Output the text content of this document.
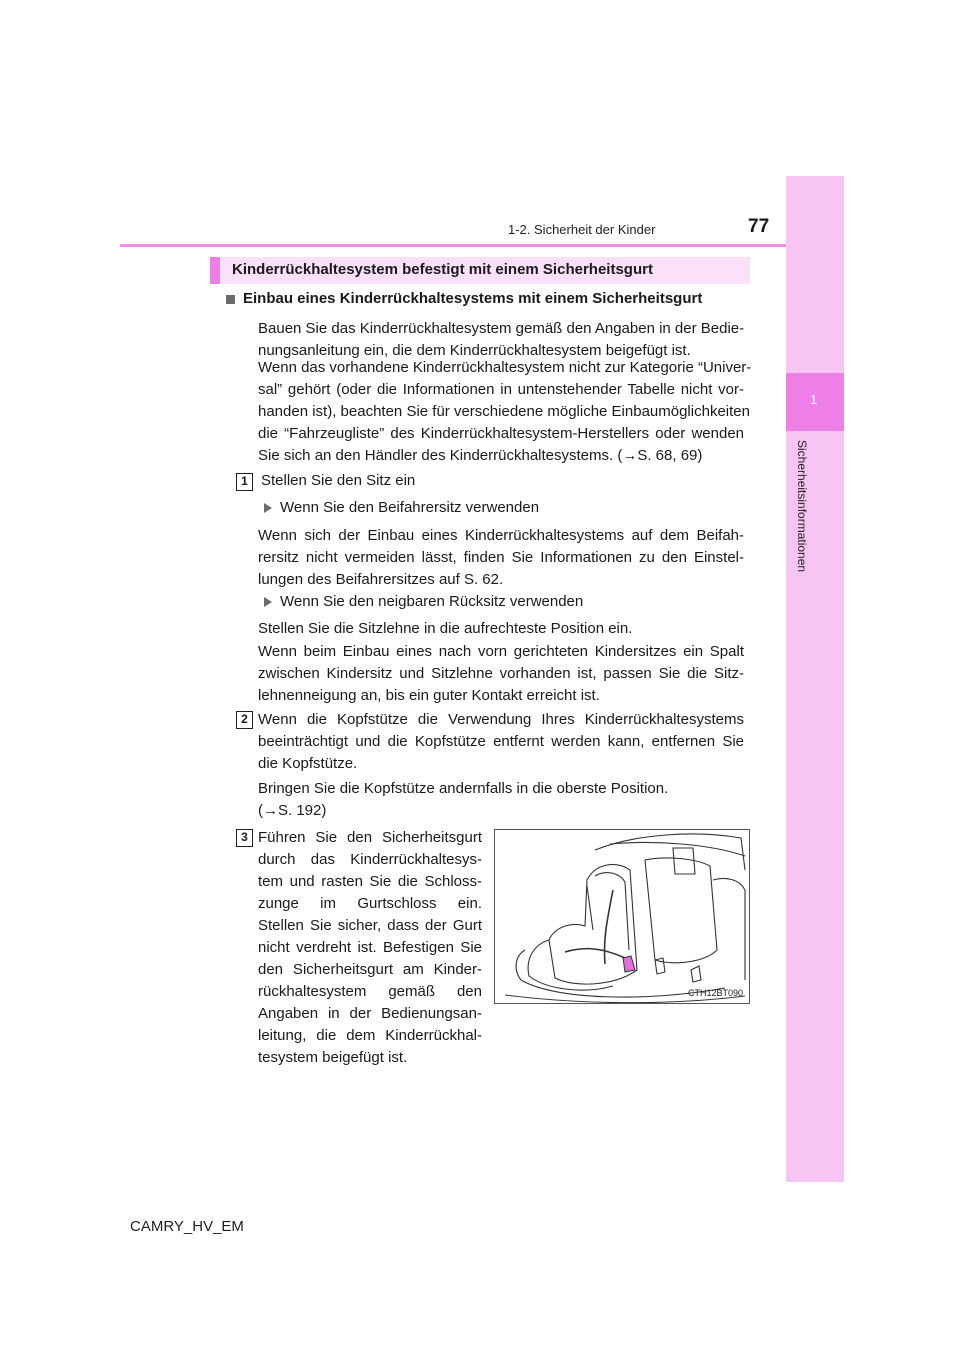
1-2. Sicherheit der Kinder	77
1
Sicherheitsinformationen
Kinderrückhaltesystem befestigt mit einem Sicherheitsgurt
Einbau eines Kinderrückhaltesystems mit einem Sicherheitsgurt
Bauen Sie das Kinderrückhaltesystem gemäß den Angaben in der Bedie-
nungsanleitung ein, die dem Kinderrückhaltesystem beigefügt ist.
Wenn das vorhandene Kinderrückhaltesystem nicht zur Kategorie “Univer-
sal” gehört (oder die Informationen in untenstehender Tabelle nicht vor-
handen ist), beachten Sie für verschiedene mögliche Einbaumöglichkeiten
die “Fahrzeugliste” des Kinderrückhaltesystem-Herstellers oder wenden
Sie sich an den Händler des Kinderrückhaltesystems. (→S. 68, 69)
1 Stellen Sie den Sitz ein
Wenn Sie den Beifahrersitz verwenden
Wenn sich der Einbau eines Kinderrückhaltesystems auf dem Beifah-
rersitz nicht vermeiden lässt, finden Sie Informationen zu den Einstel-
lungen des Beifahrersitzes auf S. 62.
Wenn Sie den neigbaren Rücksitz verwenden
Stellen Sie die Sitzlehne in die aufrechteste Position ein.
Wenn beim Einbau eines nach vorn gerichteten Kindersitzes ein Spalt
zwischen Kindersitz und Sitzlehne vorhanden ist, passen Sie die Sitz-
lehnenneigung an, bis ein guter Kontakt erreicht ist.
2 Wenn die Kopfstütze die Verwendung Ihres Kinderrückhaltesystems
beeinträchtigt und die Kopfstütze entfernt werden kann, entfernen Sie
die Kopfstütze.
Bringen Sie die Kopfstütze andernfalls in die oberste Position.
(→S. 192)
3 Führen Sie den Sicherheitsgurt
durch das Kinderrückhaltesys-
tem und rasten Sie die Schloss-
zunge im Gurtschloss ein.
Stellen Sie sicher, dass der Gurt
nicht verdreht ist. Befestigen Sie
den Sicherheitsgurt am Kinder-
rückhaltesystem gemäß den
Angaben in der Bedienungsan-
leitung, die dem Kinderrückhal-
tesystem beigefügt ist.
CTH12BT090
CAMRY_HV_EM
